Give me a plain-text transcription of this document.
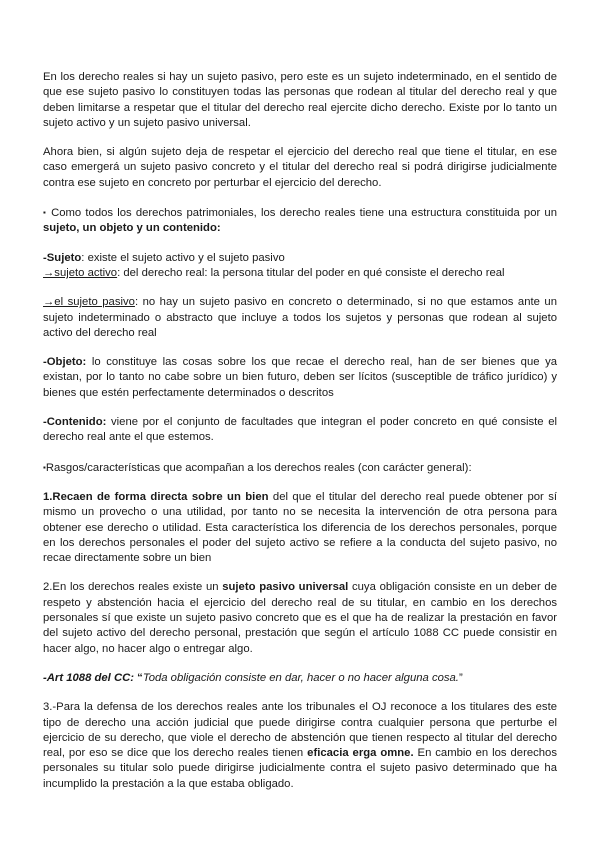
En los derecho reales si hay un sujeto pasivo, pero este es un sujeto indeterminado, en el sentido de que ese sujeto pasivo lo constituyen todas las personas que rodean al titular del derecho real y que deben limitarse a respetar que el titular del derecho real ejercite dicho derecho. Existe por lo tanto un sujeto activo y un sujeto pasivo universal.

Ahora bien, si algún sujeto deja de respetar el ejercicio del derecho real que tiene el titular, en ese caso emergerá un sujeto pasivo concreto y el titular del derecho real si podrá dirigirse judicialmente contra ese sujeto en concreto por perturbar el ejercicio del derecho.

▪ Como todos los derechos patrimoniales, los derecho reales tiene una estructura constituida por un sujeto, un objeto y un contenido:

-Sujeto: existe el sujeto activo y el sujeto pasivo

→sujeto activo: del derecho real: la persona titular del poder en qué consiste el derecho real

→el sujeto pasivo: no hay un sujeto pasivo en concreto o determinado, si no que estamos ante un sujeto indeterminado o abstracto que incluye a todos los sujetos y personas que rodean al sujeto activo del derecho real

-Objeto: lo constituye las cosas sobre los que recae el derecho real, han de ser bienes que ya existan, por lo tanto no cabe sobre un bien futuro, deben ser lícitos (susceptible de tráfico jurídico) y bienes que estén perfectamente determinados o descritos

-Contenido: viene por el conjunto de facultades que integran el poder concreto en qué consiste el derecho real ante el que estemos.

▪Rasgos/características que acompañan a los derechos reales (con carácter general):

1.Recaen de forma directa sobre un bien del que el titular del derecho real puede obtener por sí mismo un provecho o una utilidad, por tanto no se necesita la intervención de otra persona para obtener ese derecho o utilidad. Esta característica los diferencia de los derechos personales, porque en los derechos personales el poder del sujeto activo se refiere a la conducta del sujeto pasivo, no recae directamente sobre un bien

2.En los derechos reales existe un sujeto pasivo universal cuya obligación consiste en un deber de respeto y abstención hacia el ejercicio del derecho real de su titular, en cambio en los derechos personales sí que existe un sujeto pasivo concreto que es el que ha de realizar la prestación en favor del sujeto activo del derecho personal, prestación que según el artículo 1088 CC puede consistir en hacer algo, no hacer algo o entregar algo.

-Art 1088 del CC: “Toda obligación consiste en dar, hacer o no hacer alguna cosa.”

3.-Para la defensa de los derechos reales ante los tribunales el OJ reconoce a los titulares des este tipo de derecho una acción judicial que puede dirigirse contra cualquier persona que perturbe el ejercicio de su derecho, que viole el derecho de abstención que tienen respecto al titular del derecho real, por eso se dice que los derecho reales tienen eficacia erga omne. En cambio en los derechos personales su titular solo puede dirigirse judicialmente contra el sujeto pasivo determinado que ha incumplido la prestación a la que estaba obligado.
